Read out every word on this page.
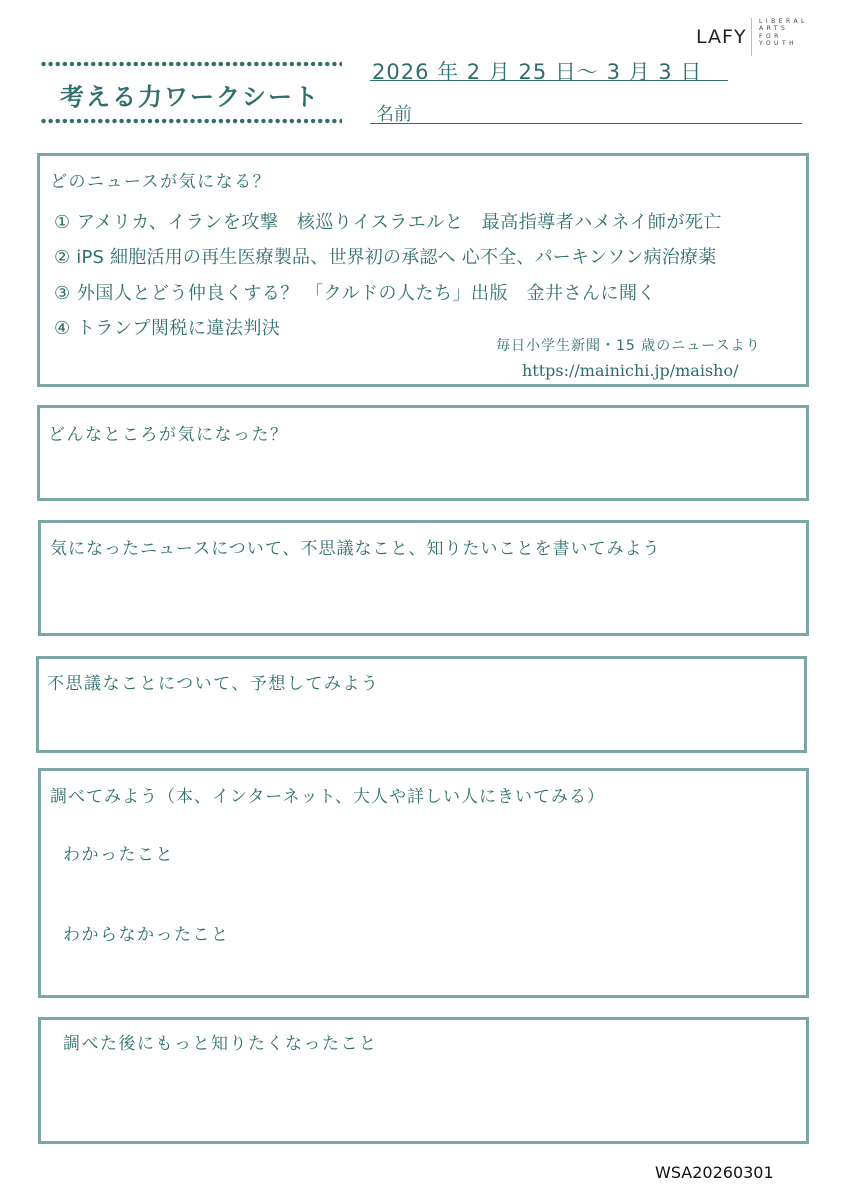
考える力ワークシート
2026 年 2 月 25 日～ 3 月 3 日
名前
LAFY
LIBERAL
ARTS
FOR
YOUTH
どのニュースが気になる？
① アメリカ、イランを攻撃　核巡りイスラエルと　最高指導者ハメネイ師が死亡
② iPS 細胞活用の再生医療製品、世界初の承認へ 心不全、パーキンソン病治療薬
③ 外国人とどう仲良くする？ 「クルドの人たち」出版　金井さんに聞く
④ トランプ関税に違法判決
毎日小学生新聞・15 歳のニュースより
https://mainichi.jp/maisho/
どんなところが気になった？
気になったニュースについて、不思議なこと、知りたいことを書いてみよう
不思議なことについて、予想してみよう
調べてみよう（本、インターネット、大人や詳しい人にきいてみる）
わかったこと
わからなかったこと
調べた後にもっと知りたくなったこと
WSA20260301
